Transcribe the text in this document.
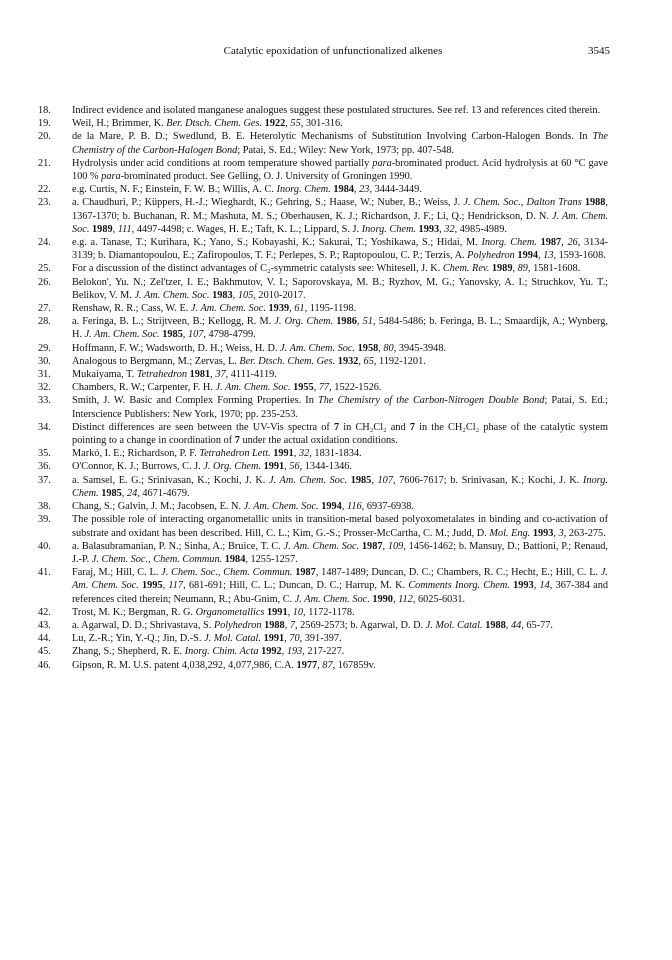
Catalytic epoxidation of unfunctionalized alkenes	3545
18.	Indirect evidence and isolated manganese analogues suggest these postulated structures. See ref. 13 and references cited therein.
19.	Weil, H.; Brimmer, K. Ber. Dtsch. Chem. Ges. 1922, 55, 301-316.
20.	de la Mare, P. B. D.; Swedlund, B. E. Heterolytic Mechanisms of Substitution Involving Carbon-Halogen Bonds. In The Chemistry of the Carbon-Halogen Bond; Patai, S. Ed.; Wiley: New York, 1973; pp. 407-548.
21.	Hydrolysis under acid conditions at room temperature showed partially para-brominated product. Acid hydrolysis at 60 °C gave 100 % para-brominated product. See Gelling, O. J. University of Groningen 1990.
22.	e.g. Curtis, N. F.; Einstein, F. W. B.; Willis, A. C. Inorg. Chem. 1984, 23, 3444-3449.
23.	a. Chaudhuri, P.; Küppers, H.-J.; Wieghardt, K.; Gehring, S.; Haase, W.; Nuber, B.; Weiss, J. J. Chem. Soc., Dalton Trans 1988, 1367-1370; b. Buchanan, R. M.; Mashuta, M. S.; Oberhausen, K. J.; Richardson, J. F.; Li, Q.; Hendrickson, D. N. J. Am. Chem. Soc. 1989, 111, 4497-4498; c. Wages, H. E.; Taft, K. L.; Lippard, S. J. Inorg. Chem. 1993, 32, 4985-4989.
24.	e.g. a. Tanase, T.; Kurihara, K.; Yano, S.; Kobayashi, K.; Sakurai, T.; Yoshikawa, S.; Hidai, M. Inorg. Chem. 1987, 26, 3134-3139; b. Diamantopoulou, E.; Zafiropoulos, T. F.; Perlepes, S. P.; Raptopoulou, C. P.; Terzis, A. Polyhedron 1994, 13, 1593-1608.
25.	For a discussion of the distinct advantages of C₂-symmetric catalysts see: Whitesell, J. K. Chem. Rev. 1989, 89, 1581-1608.
26.	Belokon', Yu. N.; Zel'tzer, I. E.; Bakhmutov, V. I.; Saporovskaya, M. B.; Ryzhov, M. G.; Yanovsky, A. I.; Struchkov, Yu. T.; Belikov, V. M. J. Am. Chem. Soc. 1983, 105, 2010-2017.
27.	Renshaw, R. R.; Cass, W. E. J. Am. Chem. Soc. 1939, 61, 1195-1198.
28.	a. Feringa, B. L.; Strijtveen, B.; Kellogg, R. M. J. Org. Chem. 1986, 51, 5484-5486; b. Feringa, B. L.; Smaardijk, A.; Wynberg, H. J. Am. Chem. Soc. 1985, 107, 4798-4799.
29.	Hoffmann, F. W.; Wadsworth, D. H.; Weiss, H. D. J. Am. Chem. Soc. 1958, 80, 3945-3948.
30.	Analogous to Bergmann, M.; Zervas, L. Ber. Dtsch. Chem. Ges. 1932, 65, 1192-1201.
31.	Mukaiyama, T. Tetrahedron 1981, 37, 4111-4119.
32.	Chambers, R. W.; Carpenter, F. H. J. Am. Chem. Soc. 1955, 77, 1522-1526.
33.	Smith, J. W. Basic and Complex Forming Properties. In The Chemistry of the Carbon-Nitrogen Double Bond; Patai, S. Ed.; Interscience Publishers: New York, 1970; pp. 235-253.
34.	Distinct differences are seen between the UV-Vis spectra of 7 in CH₂Cl₂ and 7 in the CH₂Cl₂ phase of the catalytic system pointing to a change in coordination of 7 under the actual oxidation conditions.
35.	Markó, I. E.; Richardson, P. F. Tetrahedron Lett. 1991, 32, 1831-1834.
36.	O'Connor, K. J.; Burrows, C. J. J. Org. Chem. 1991, 56, 1344-1346.
37.	a. Samsel, E. G.; Srinivasan, K.; Kochi, J. K. J. Am. Chem. Soc. 1985, 107, 7606-7617; b. Srinivasan, K.; Kochi, J. K. Inorg. Chem. 1985, 24, 4671-4679.
38.	Chang, S.; Galvin, J. M.; Jacobsen, E. N. J. Am. Chem. Soc. 1994, 116, 6937-6938.
39.	The possible role of interacting organometallic units in transition-metal based polyoxometalates in binding and co-activation of substrate and oxidant has been described. Hill, C. L.; Kim, G.-S.; Prosser-McCartha, C. M.; Judd, D. Mol. Eng. 1993, 3, 263-275.
40.	a. Balasubramanian, P. N.; Sinha, A.; Bruice, T. C. J. Am. Chem. Soc. 1987, 109, 1456-1462; b. Mansuy, D.; Battioni, P.; Renaud, J.-P. J. Chem. Soc., Chem. Commun. 1984, 1255-1257.
41.	Faraj, M.; Hill, C. L. J. Chem. Soc., Chem. Commun. 1987, 1487-1489; Duncan, D. C.; Chambers, R. C.; Hecht, E.; Hill, C. L. J. Am. Chem. Soc. 1995, 117, 681-691; Hill, C. L.; Duncan, D. C.; Harrup, M. K. Comments Inorg. Chem. 1993, 14, 367-384 and references cited therein; Neumann, R.; Abu-Gnim, C. J. Am. Chem. Soc. 1990, 112, 6025-6031.
42.	Trost, M. K.; Bergman, R. G. Organometallics 1991, 10, 1172-1178.
43.	a. Agarwal, D. D.; Shrivastava, S. Polyhedron 1988, 7, 2569-2573; b. Agarwal, D. D. J. Mol. Catal. 1988, 44, 65-77.
44.	Lu, Z.-R.; Yin, Y.-Q.; Jin, D.-S. J. Mol. Catal. 1991, 70, 391-397.
45.	Zhang, S.; Shepherd, R. E. Inorg. Chim. Acta 1992, 193, 217-227.
46.	Gipson, R. M. U.S. patent 4,038,292, 4,077,986, C.A. 1977, 87, 167859v.
